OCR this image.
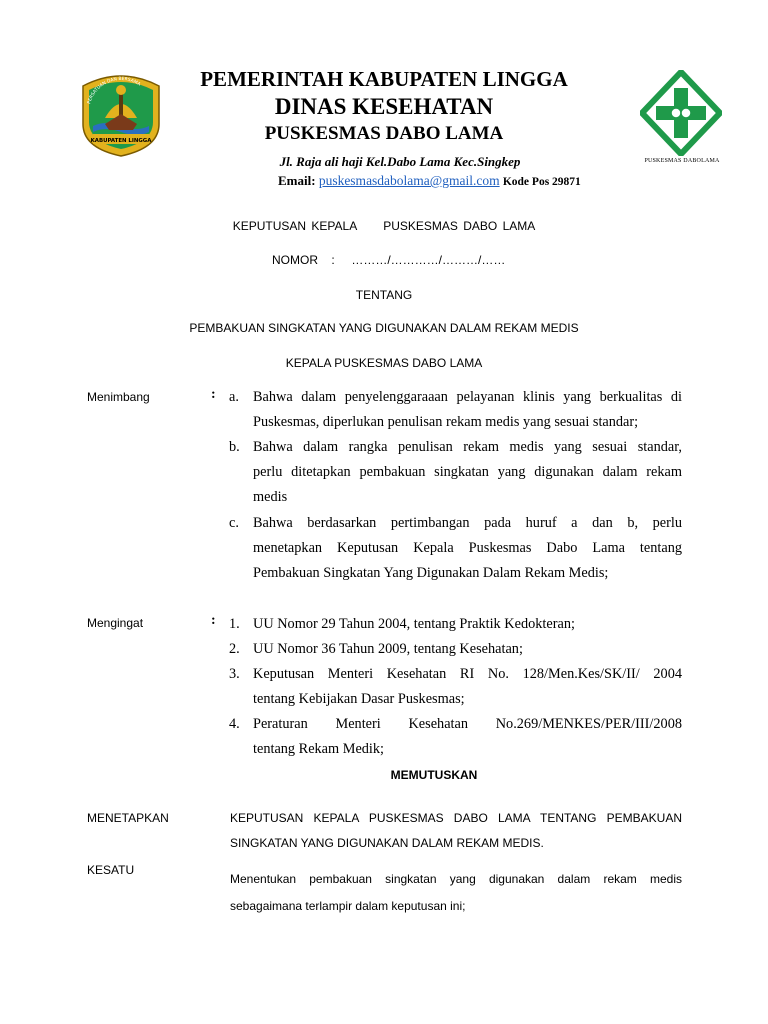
PERSATUAN DAN BERSAMA
KABUPATEN LINGGA
PEMERINTAH KABUPATEN LINGGA
DINAS KESEHATAN
PUSKESMAS DABO LAMA
Jl. Raja ali haji Kel.Dabo Lama Kec.Singkep
Email: puskesmasdabolama@gmail.com Kode Pos 29871
PUSKESMAS DABOLAMA
KEPUTUSAN KEPALA     PUSKESMAS DABO LAMA
NOMOR    :     ………/…………/………/……
TENTANG
PEMBAKUAN SINGKATAN YANG DIGUNAKAN DALAM REKAM MEDIS
KEPALA PUSKESMAS DABO LAMA
Menimbang	: a. Bahwa dalam penyelenggaraaan pelayanan klinis yang berkualitas di
Puskesmas, diperlukan penulisan rekam medis yang sesuai standar;
b. Bahwa dalam rangka penulisan rekam medis yang sesuai standar,
perlu ditetapkan pembakuan singkatan yang digunakan dalam rekam
medis
c. Bahwa berdasarkan pertimbangan pada huruf a dan b, perlu
menetapkan Keputusan Kepala Puskesmas Dabo Lama tentang
Pembakuan Singkatan Yang Digunakan Dalam Rekam Medis;
Mengingat	: 1. UU Nomor 29 Tahun 2004, tentang Praktik Kedokteran;
2. UU Nomor 36 Tahun 2009, tentang Kesehatan;
3. Keputusan Menteri Kesehatan RI No. 128/Men.Kes/SK/II/ 2004
tentang Kebijakan Dasar Puskesmas;
4. Peraturan Menteri Kesehatan No.269/MENKES/PER/III/2008
tentang Rekam Medik;
MEMUTUSKAN
MENETAPKAN	KEPUTUSAN KEPALA PUSKESMAS DABO LAMA TENTANG PEMBAKUAN
SINGKATAN YANG DIGUNAKAN DALAM REKAM MEDIS.
KESATU
Menentukan pembakuan singkatan yang digunakan dalam rekam medis
sebagaimana terlampir dalam keputusan ini;
